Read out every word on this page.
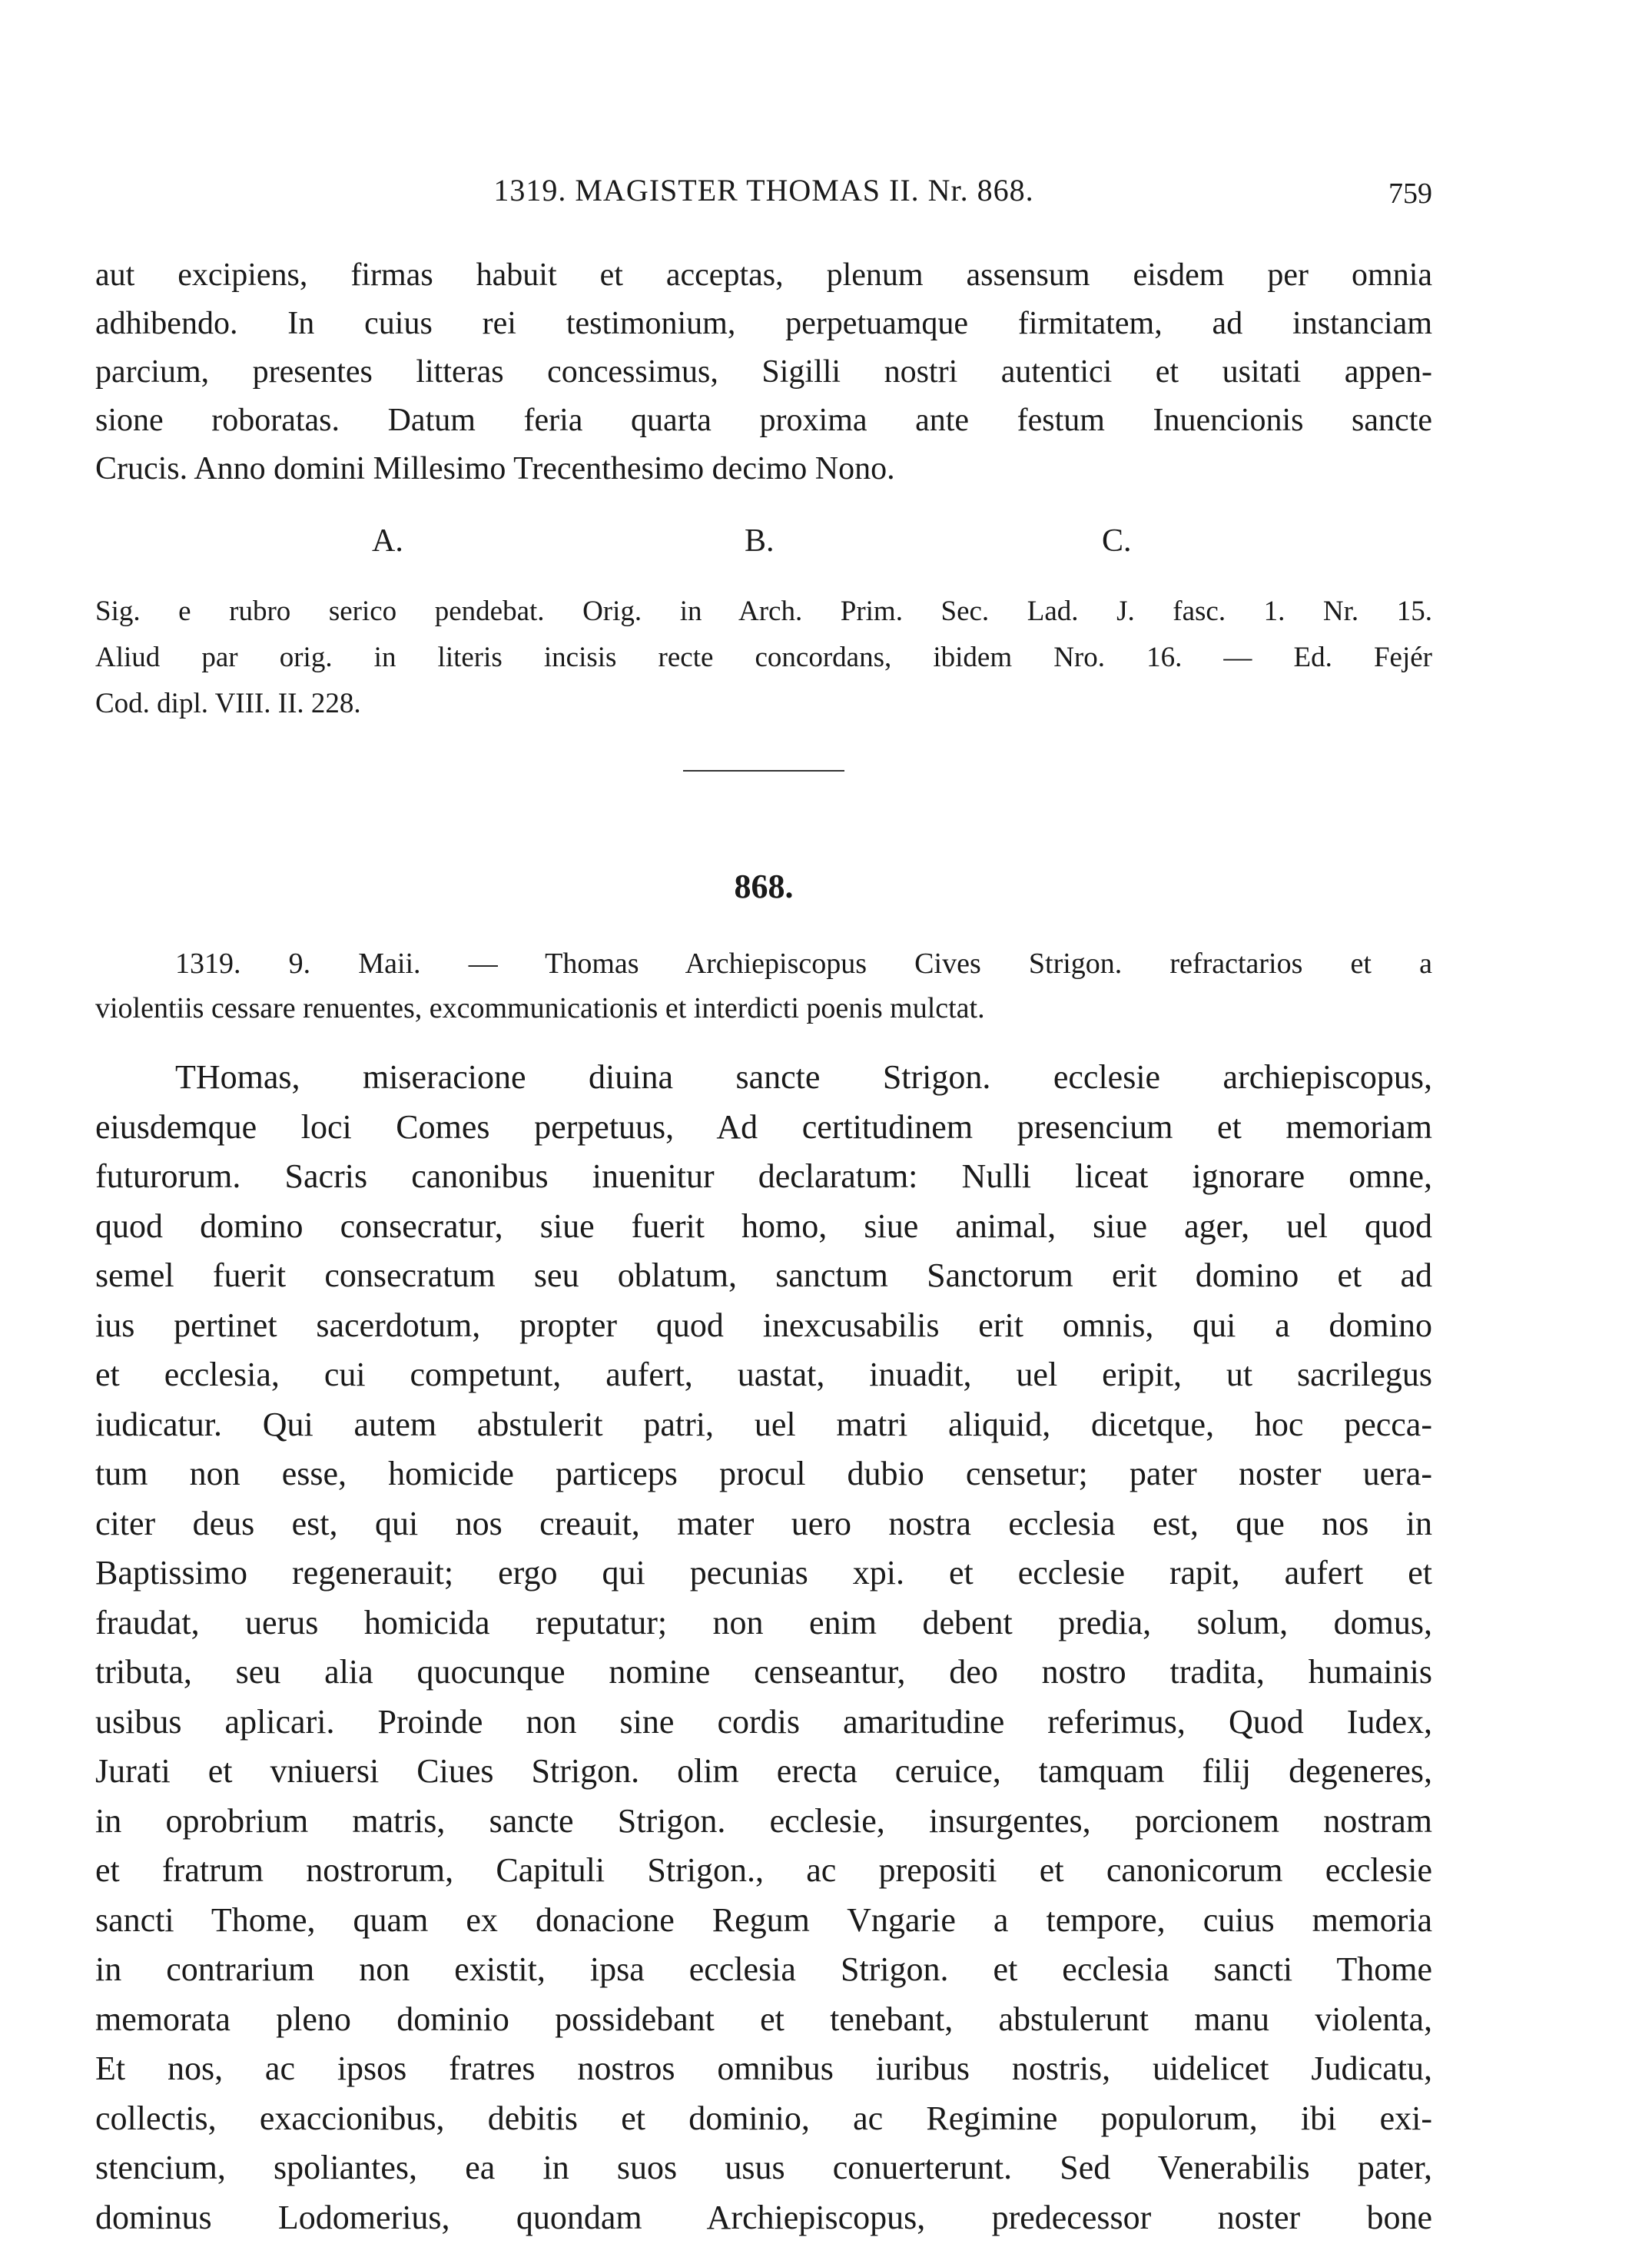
1319. MAGISTER THOMAS II. Nr. 868.	759
aut excipiens, firmas habuit et acceptas, plenum assensum eisdem per omnia
adhibendo. In cuius rei testimonium, perpetuamque firmitatem, ad instanciam
parcium, presentes litteras concessimus, Sigilli nostri autentici et usitati appen-
sione roboratas. Datum feria quarta proxima ante festum Inuencionis sancte
Crucis. Anno domini Millesimo Trecenthesimo decimo Nono.
A.	B.	C.
Sig. e rubro serico pendebat. Orig. in Arch. Prim. Sec. Lad. J. fasc. 1. Nr. 15.
Aliud par orig. in literis incisis recte concordans, ibidem Nro. 16. — Ed. Fejér
Cod. dipl. VIII. II. 228.
868.
1319. 9. Maii. — Thomas Archiepiscopus Cives Strigon. refractarios et a
violentiis cessare renuentes, excommunicationis et interdicti poenis mulctat.
THomas, miseracione diuina sancte Strigon. ecclesie archiepiscopus,
eiusdemque loci Comes perpetuus, Ad certitudinem presencium et memoriam
futurorum. Sacris canonibus inuenitur declaratum: Nulli liceat ignorare omne,
quod domino consecratur, siue fuerit homo, siue animal, siue ager, uel quod
semel fuerit consecratum seu oblatum, sanctum Sanctorum erit domino et ad
ius pertinet sacerdotum, propter quod inexcusabilis erit omnis, qui a domino
et ecclesia, cui competunt, aufert, uastat, inuadit, uel eripit, ut sacrilegus
iudicatur. Qui autem abstulerit patri, uel matri aliquid, dicetque, hoc pecca-
tum non esse, homicide particeps procul dubio censetur; pater noster uera-
citer deus est, qui nos creauit, mater uero nostra ecclesia est, que nos in
Baptissimo regenerauit; ergo qui pecunias xpi. et ecclesie rapit, aufert et
fraudat, uerus homicida reputatur; non enim debent predia, solum, domus,
tributa, seu alia quocunque nomine censeantur, deo nostro tradita, humainis
usibus aplicari. Proinde non sine cordis amaritudine referimus, Quod Iudex,
Jurati et vniuersi Ciues Strigon. olim erecta ceruice, tamquam filij degeneres,
in oprobrium matris, sancte Strigon. ecclesie, insurgentes, porcionem nostram
et fratrum nostrorum, Capituli Strigon., ac prepositi et canonicorum ecclesie
sancti Thome, quam ex donacione Regum Vngarie a tempore, cuius memoria
in contrarium non existit, ipsa ecclesia Strigon. et ecclesia sancti Thome
memorata pleno dominio possidebant et tenebant, abstulerunt manu violenta,
Et nos, ac ipsos fratres nostros omnibus iuribus nostris, uidelicet Judicatu,
collectis, exaccionibus, debitis et dominio, ac Regimine populorum, ibi exi-
stencium, spoliantes, ea in suos usus conuerterunt. Sed Venerabilis pater,
dominus Lodomerius, quondam Archiepiscopus, predecessor noster bone
